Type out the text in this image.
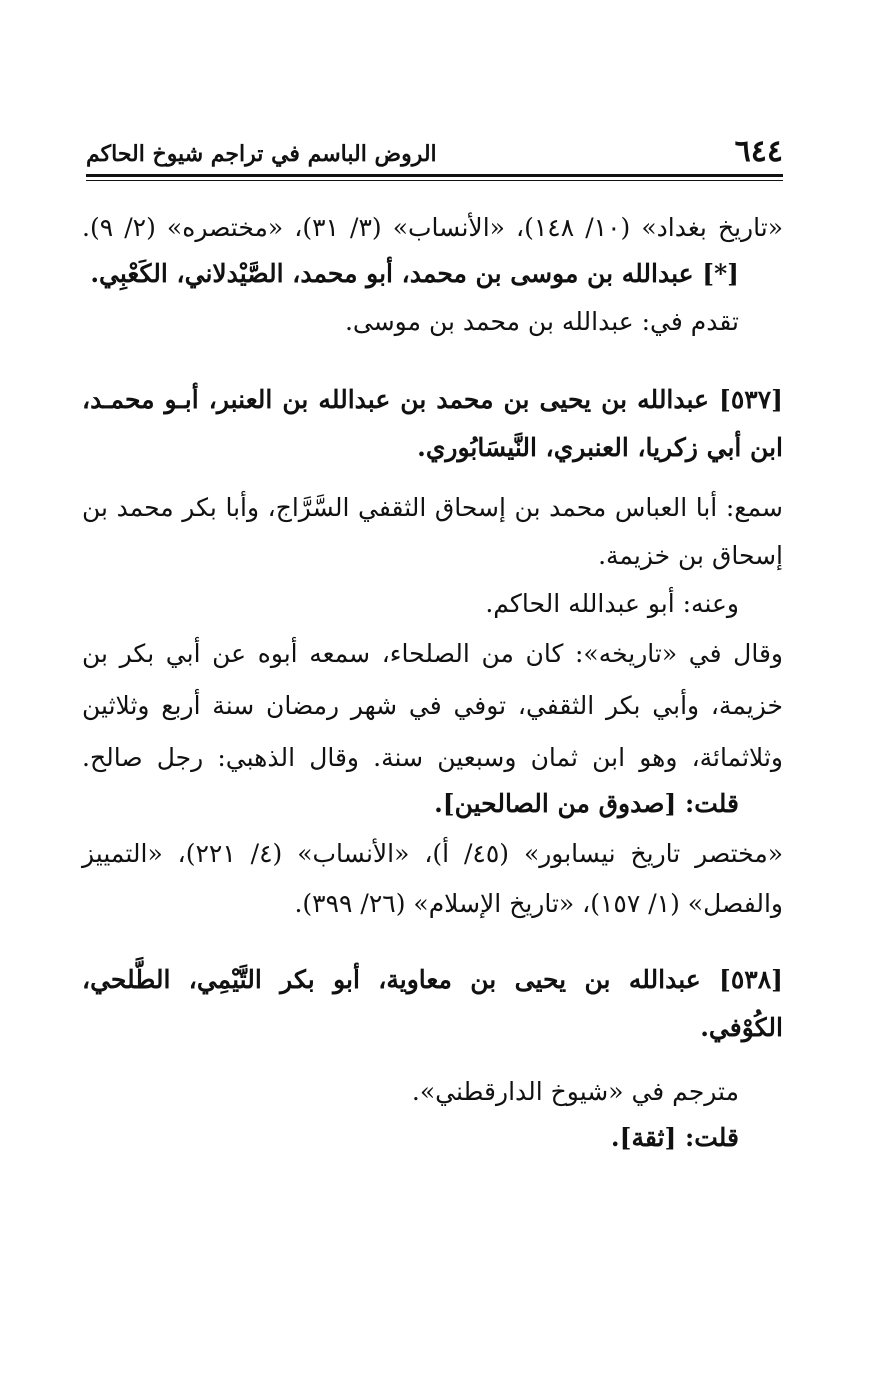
٦٤٤
الروض الباسم في تراجم شيوخ الحاكم
«تاريخ بغداد» (١٠/ ١٤٨)، «الأنساب» (٣/ ٣١)، «مختصره» (٢/ ٩).
[*] عبدالله بن موسى بن محمد، أبو محمد، الصَّيْدلاني، الكَعْبِي.
تقدم في: عبدالله بن محمد بن موسى.
[٥٣٧] عبدالله بن يحيى بن محمد بن عبدالله بن العنبر، أبـو محمـد،
ابن أبي زكريا، العنبري، النَّيسَابُوري.
سمع: أبا العباس محمد بن إسحاق الثقفي السَّرَّاج، وأبا بكر محمد بن
إسحاق بن خزيمة.
وعنه: أبو عبدالله الحاكم.
وقال في «تاريخه»: كان من الصلحاء، سمعه أبوه عن أبي بكر بن
خزيمة، وأبي بكر الثقفي، توفي في شهر رمضان سنة أربع وثلاثين
وثلاثمائة، وهو ابن ثمان وسبعين سنة. وقال الذهبي: رجل صالح.
قلت: [صدوق من الصالحين].
«مختصر تاريخ نيسابور» (٤٥/ أ)، «الأنساب» (٤/ ٢٢١)، «التمييز
والفصل» (١/ ١٥٧)، «تاريخ الإسلام» (٢٦/ ٣٩٩).
[٥٣٨] عبدالله بن يحيى بن معاوية، أبو بكر التَّيْمِي، الطَّلحي،
الكُوْفي.
مترجم في «شيوخ الدارقطني».
قلت: [ثقة].
